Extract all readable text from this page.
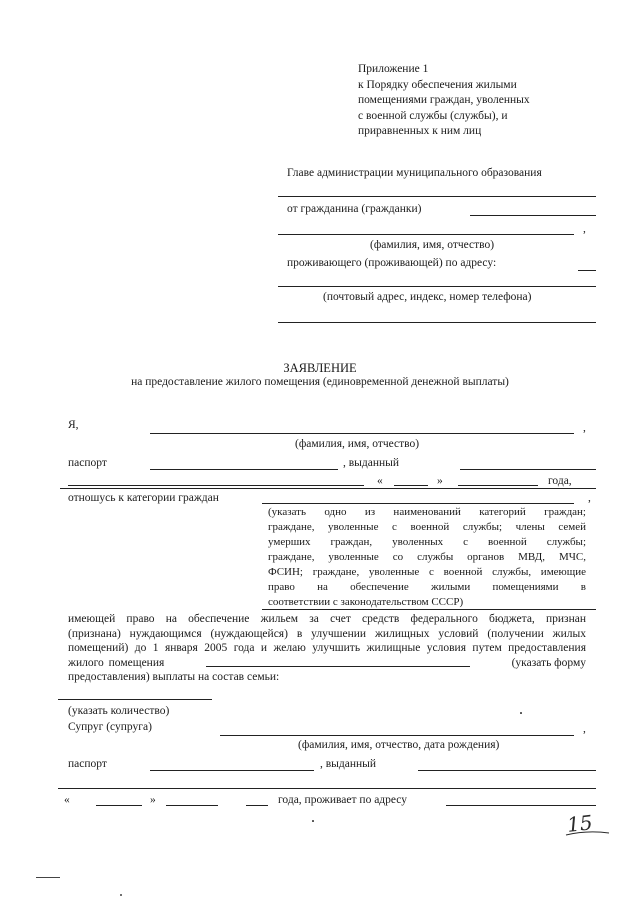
Приложение 1
к Порядку обеспечения жилыми
помещениями граждан, уволенных
с военной службы (службы), и
приравненных к ним лиц
Главе администрации муниципального образования
от гражданина (гражданки)
,
(фамилия, имя, отчество)
проживающего (проживающей) по адресу:
(почтовый адрес, индекс, номер телефона)
ЗАЯВЛЕНИЕ
на предоставление жилого помещения (единовременной денежной выплаты)
Я,	,
(фамилия, имя, отчество)
паспорт	, выданный
«	»	года,
отношусь к категории граждан	,
(указать одно из наименований категорий граждан;
граждане, уволенные с военной службы; члены семей
умерших граждан, уволенных с военной службы;
граждане, уволенные со службы органов МВД, МЧС,
ФСИН; граждане, уволенные с военной службы, имеющие
право на обеспечение жилыми помещениями в
соответствии с законодательством СССР)
имеющей право на обеспечение жильем за счет средств федерального бюджета, признан
(признана) нуждающимся (нуждающейся) в улучшении жилищных условий (получении жилых
помещений) до 1 января 2005 года и желаю улучшить жилищные условия путем предоставления
жилого помещения	(указать форму
предоставления) выплаты на состав семьи:
(указать количество)
Супруг (супруга)	,
(фамилия, имя, отчество, дата рождения)
паспорт	, выданный
«	»	года, проживает по адресу
15
